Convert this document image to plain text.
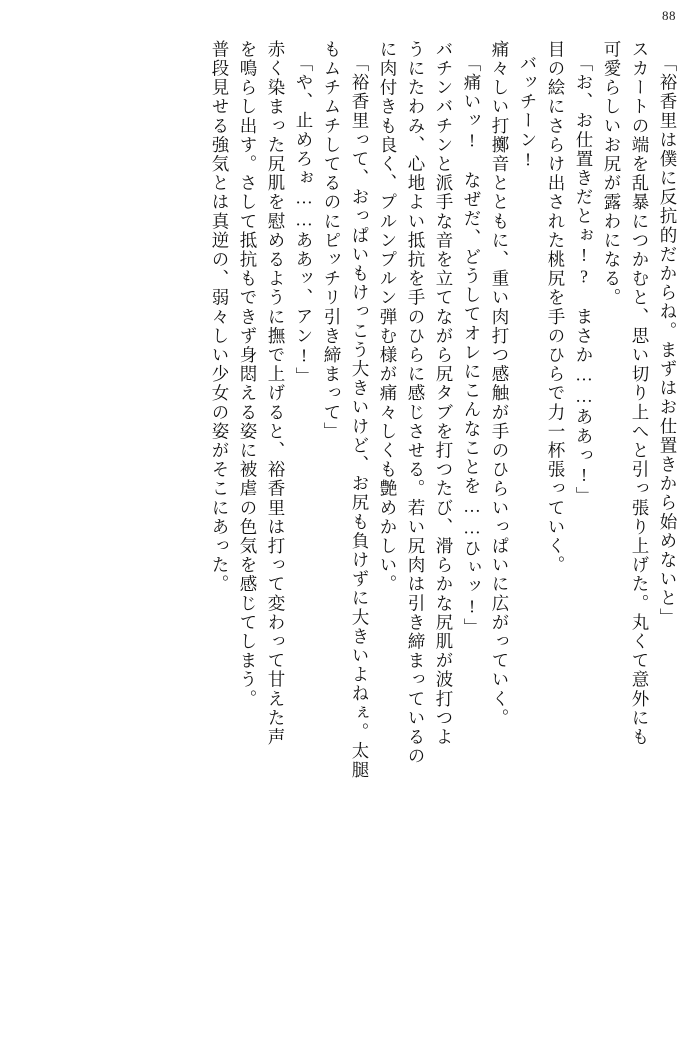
88
「裕香里は僕に反抗的だからね。まずはお仕置きから始めないと」
スカートの端を乱暴につかむと、思い切り上へと引っ張り上げた。丸くて意外にも
可愛らしいお尻が露わになる。
「お、お仕置きだとぉ!?　まさか……ああっ!」
目の絵にさらけ出された桃尻を手のひらで力一杯張っていく。
バッチーン!
痛々しい打擲音とともに、重い肉打つ感触が手のひらいっぱいに広がっていく。
「痛いッ!　なぜだ、どうしてオレにこんなことを……ひぃッ!」
バチンバチンと派手な音を立てながら尻タブを打つたび、滑らかな尻肌が波打つよ
うにたわみ、心地よい抵抗を手のひらに感じさせる。若い尻肉は引き締まっているの
に肉付きも良く、プルンプルン弾む様が痛々しくも艶めかしい。
「裕香里って、おっぱいもけっこう大きいけど、お尻も負けずに大きいよねぇ。太腿
もムチムチしてるのにピッチリ引き締まって」
「や、止めろぉ……ああッ、アン!」
赤く染まった尻肌を慰めるように撫で上げると、裕香里は打って変わって甘えた声
を鳴らし出す。さして抵抗もできず身悶える姿に被虐の色気を感じてしまう。
普段見せる強気とは真逆の、弱々しい少女の姿がそこにあった。
